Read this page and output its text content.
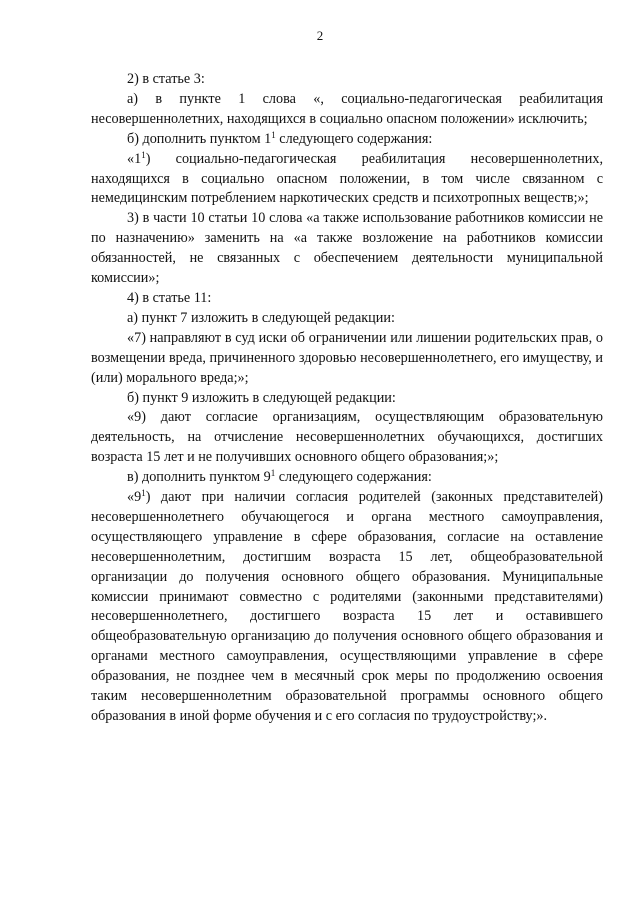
2

2) в статье 3:

а) в пункте 1 слова «, социально-педагогическая реабилитация несовершеннолетних, находящихся в социально опасном положении» исключить;

б) дополнить пунктом $1^1$ следующего содержания:

«$1^1$) социально-педагогическая реабилитация несовершеннолетних, находящихся в социально опасном положении, в том числе связанном с немедицинским потреблением наркотических средств и психотропных веществ;»;

3) в части 10 статьи 10 слова «а также использование работников комиссии не по назначению» заменить на «а также возложение на работников комиссии обязанностей, не связанных с обеспечением деятельности муниципальной комиссии»;

4) в статье 11:

а) пункт 7 изложить в следующей редакции:

«7) направляют в суд иски об ограничении или лишении родительских прав, о возмещении вреда, причиненного здоровью несовершеннолетнего, его имуществу, и (или) морального вреда;»;

б) пункт 9 изложить в следующей редакции:

«9) дают согласие организациям, осуществляющим образовательную деятельность, на отчисление несовершеннолетних обучающихся, достигших возраста 15 лет и не получивших основного общего образования;»;

в) дополнить пунктом $9^1$ следующего содержания:

«$9^1$) дают при наличии согласия родителей (законных представителей) несовершеннолетнего обучающегося и органа местного самоуправления, осуществляющего управление в сфере образования, согласие на оставление несовершеннолетним, достигшим возраста 15 лет, общеобразовательной организации до получения основного общего образования. Муниципальные комиссии принимают совместно с родителями (законными представителями) несовершеннолетнего, достигшего возраста 15 лет и оставившего общеобразовательную организацию до получения основного общего образования и органами местного самоуправления, осуществляющими управление в сфере образования, не позднее чем в месячный срок меры по продолжению освоения таким несовершеннолетним образовательной программы основного общего образования в иной форме обучения и с его согласия по трудоустройству;».
